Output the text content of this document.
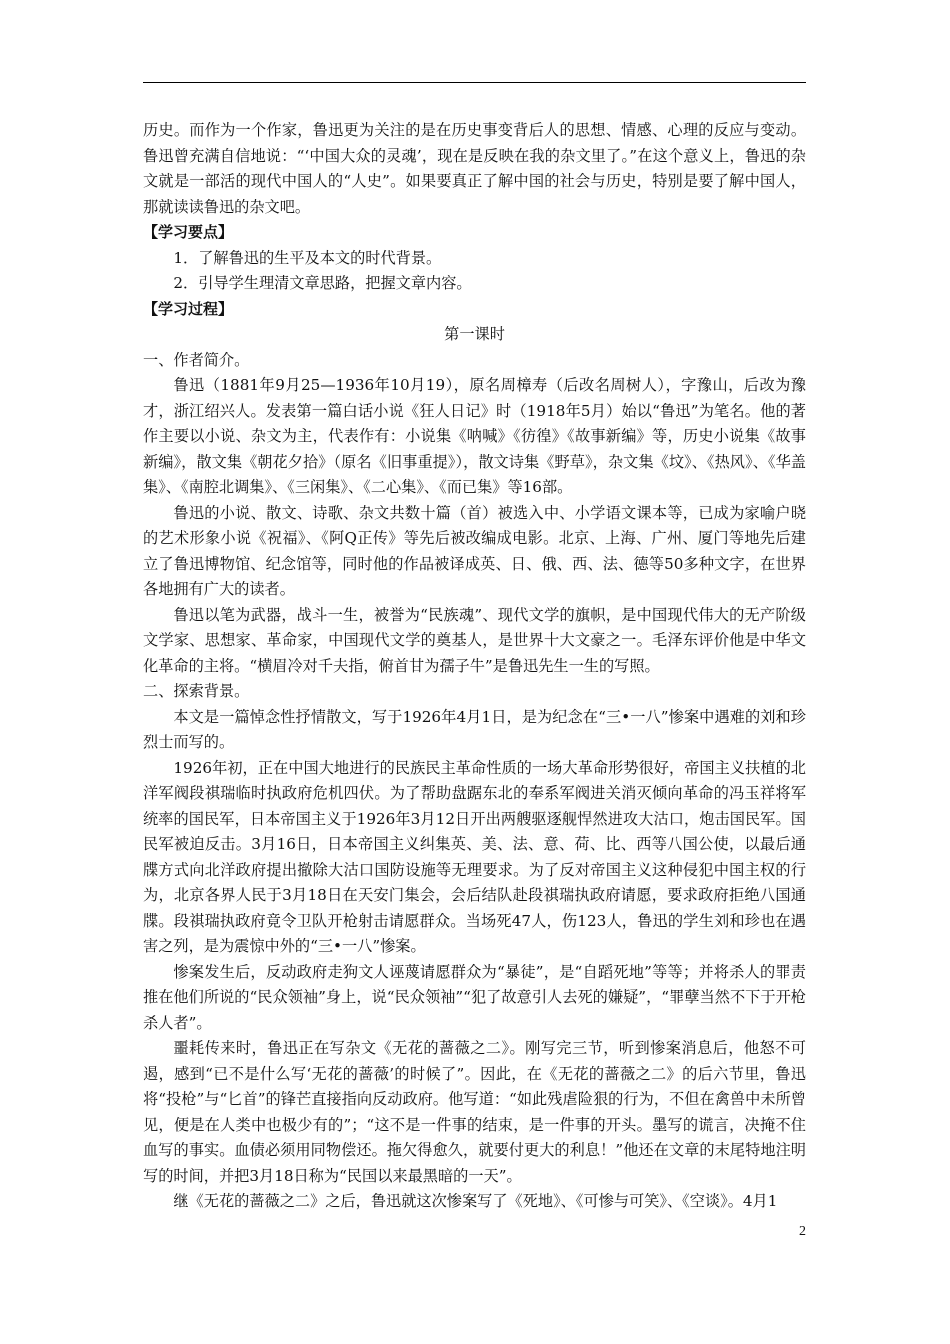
历史。而作为一个作家，鲁迅更为关注的是在历史事变背后人的思想、情感、心理的反应与变动。鲁迅曾充满自信地说：“‘中国大众的灵魂’，现在是反映在我的杂文里了。”在这个意义上，鲁迅的杂文就是一部活的现代中国人的“人史”。如果要真正了解中国的社会与历史，特别是要了解中国人，那就读读鲁迅的杂文吧。

【学习要点】

1．了解鲁迅的生平及本文的时代背景。

2．引导学生理清文章思路，把握文章内容。

【学习过程】

第一课时

一、作者简介。

鲁迅（1881年9月25—1936年10月19），原名周樟寿（后改名周树人），字豫山，后改为豫才，浙江绍兴人。发表第一篇白话小说《狂人日记》时（1918年5月）始以“鲁迅”为笔名。他的著作主要以小说、杂文为主，代表作有：小说集《呐喊》《彷徨》《故事新编》等，历史小说集《故事新编》，散文集《朝花夕拾》（原名《旧事重提》），散文诗集《野草》，杂文集《坟》、《热风》、《华盖集》、《南腔北调集》、《三闲集》、《二心集》、《而已集》等16部。

鲁迅的小说、散文、诗歌、杂文共数十篇（首）被选入中、小学语文课本等，已成为家喻户晓的艺术形象小说《祝福》、《阿Q正传》等先后被改编成电影。北京、上海、广州、厦门等地先后建立了鲁迅博物馆、纪念馆等，同时他的作品被译成英、日、俄、西、法、德等50多种文字，在世界各地拥有广大的读者。

鲁迅以笔为武器，战斗一生，被誉为“民族魂”、现代文学的旗帜，是中国现代伟大的无产阶级文学家、思想家、革命家，中国现代文学的奠基人，是世界十大文豪之一。毛泽东评价他是中华文化革命的主将。“横眉冷对千夫指，俯首甘为孺子牛”是鲁迅先生一生的写照。

二、探索背景。

本文是一篇悼念性抒情散文，写于1926年4月1日，是为纪念在“三•一八”惨案中遇难的刘和珍烈士而写的。

1926年初，正在中国大地进行的民族民主革命性质的一场大革命形势很好，帝国主义扶植的北洋军阀段祺瑞临时执政府危机四伏。为了帮助盘踞东北的奉系军阀进关消灭倾向革命的冯玉祥将军统率的国民军，日本帝国主义于1926年3月12日开出两艘驱逐舰悍然进攻大沽口，炮击国民军。国民军被迫反击。3月16日，日本帝国主义纠集英、美、法、意、荷、比、西等八国公使，以最后通牒方式向北洋政府提出撤除大沽口国防设施等无理要求。为了反对帝国主义这种侵犯中国主权的行为，北京各界人民于3月18日在天安门集会，会后结队赴段祺瑞执政府请愿，要求政府拒绝八国通牒。段祺瑞执政府竟令卫队开枪射击请愿群众。当场死47人，伤123人，鲁迅的学生刘和珍也在遇害之列，是为震惊中外的“三•一八”惨案。

惨案发生后，反动政府走狗文人诬蔑请愿群众为“暴徒”，是“自蹈死地”等等；并将杀人的罪责推在他们所说的“民众领袖”身上，说“民众领袖”“犯了故意引人去死的嫌疑”，“罪孽当然不下于开枪杀人者”。

噩耗传来时，鲁迅正在写杂文《无花的蔷薇之二》。刚写完三节，听到惨案消息后，他怒不可遏，感到“已不是什么写‘无花的蔷薇’的时候了”。因此，在《无花的蔷薇之二》的后六节里，鲁迅将“投枪”与“匕首”的锋芒直接指向反动政府。他写道：“如此残虐险狠的行为，不但在禽兽中未所曾见，便是在人类中也极少有的”；“这不是一件事的结束，是一件事的开头。墨写的谎言，决掩不住血写的事实。血债必须用同物偿还。拖欠得愈久，就要付更大的利息！”他还在文章的末尾特地注明写的时间，并把3月18日称为“民国以来最黑暗的一天”。

继《无花的蔷薇之二》之后，鲁迅就这次惨案写了《死地》、《可惨与可笑》、《空谈》。4月1

2
